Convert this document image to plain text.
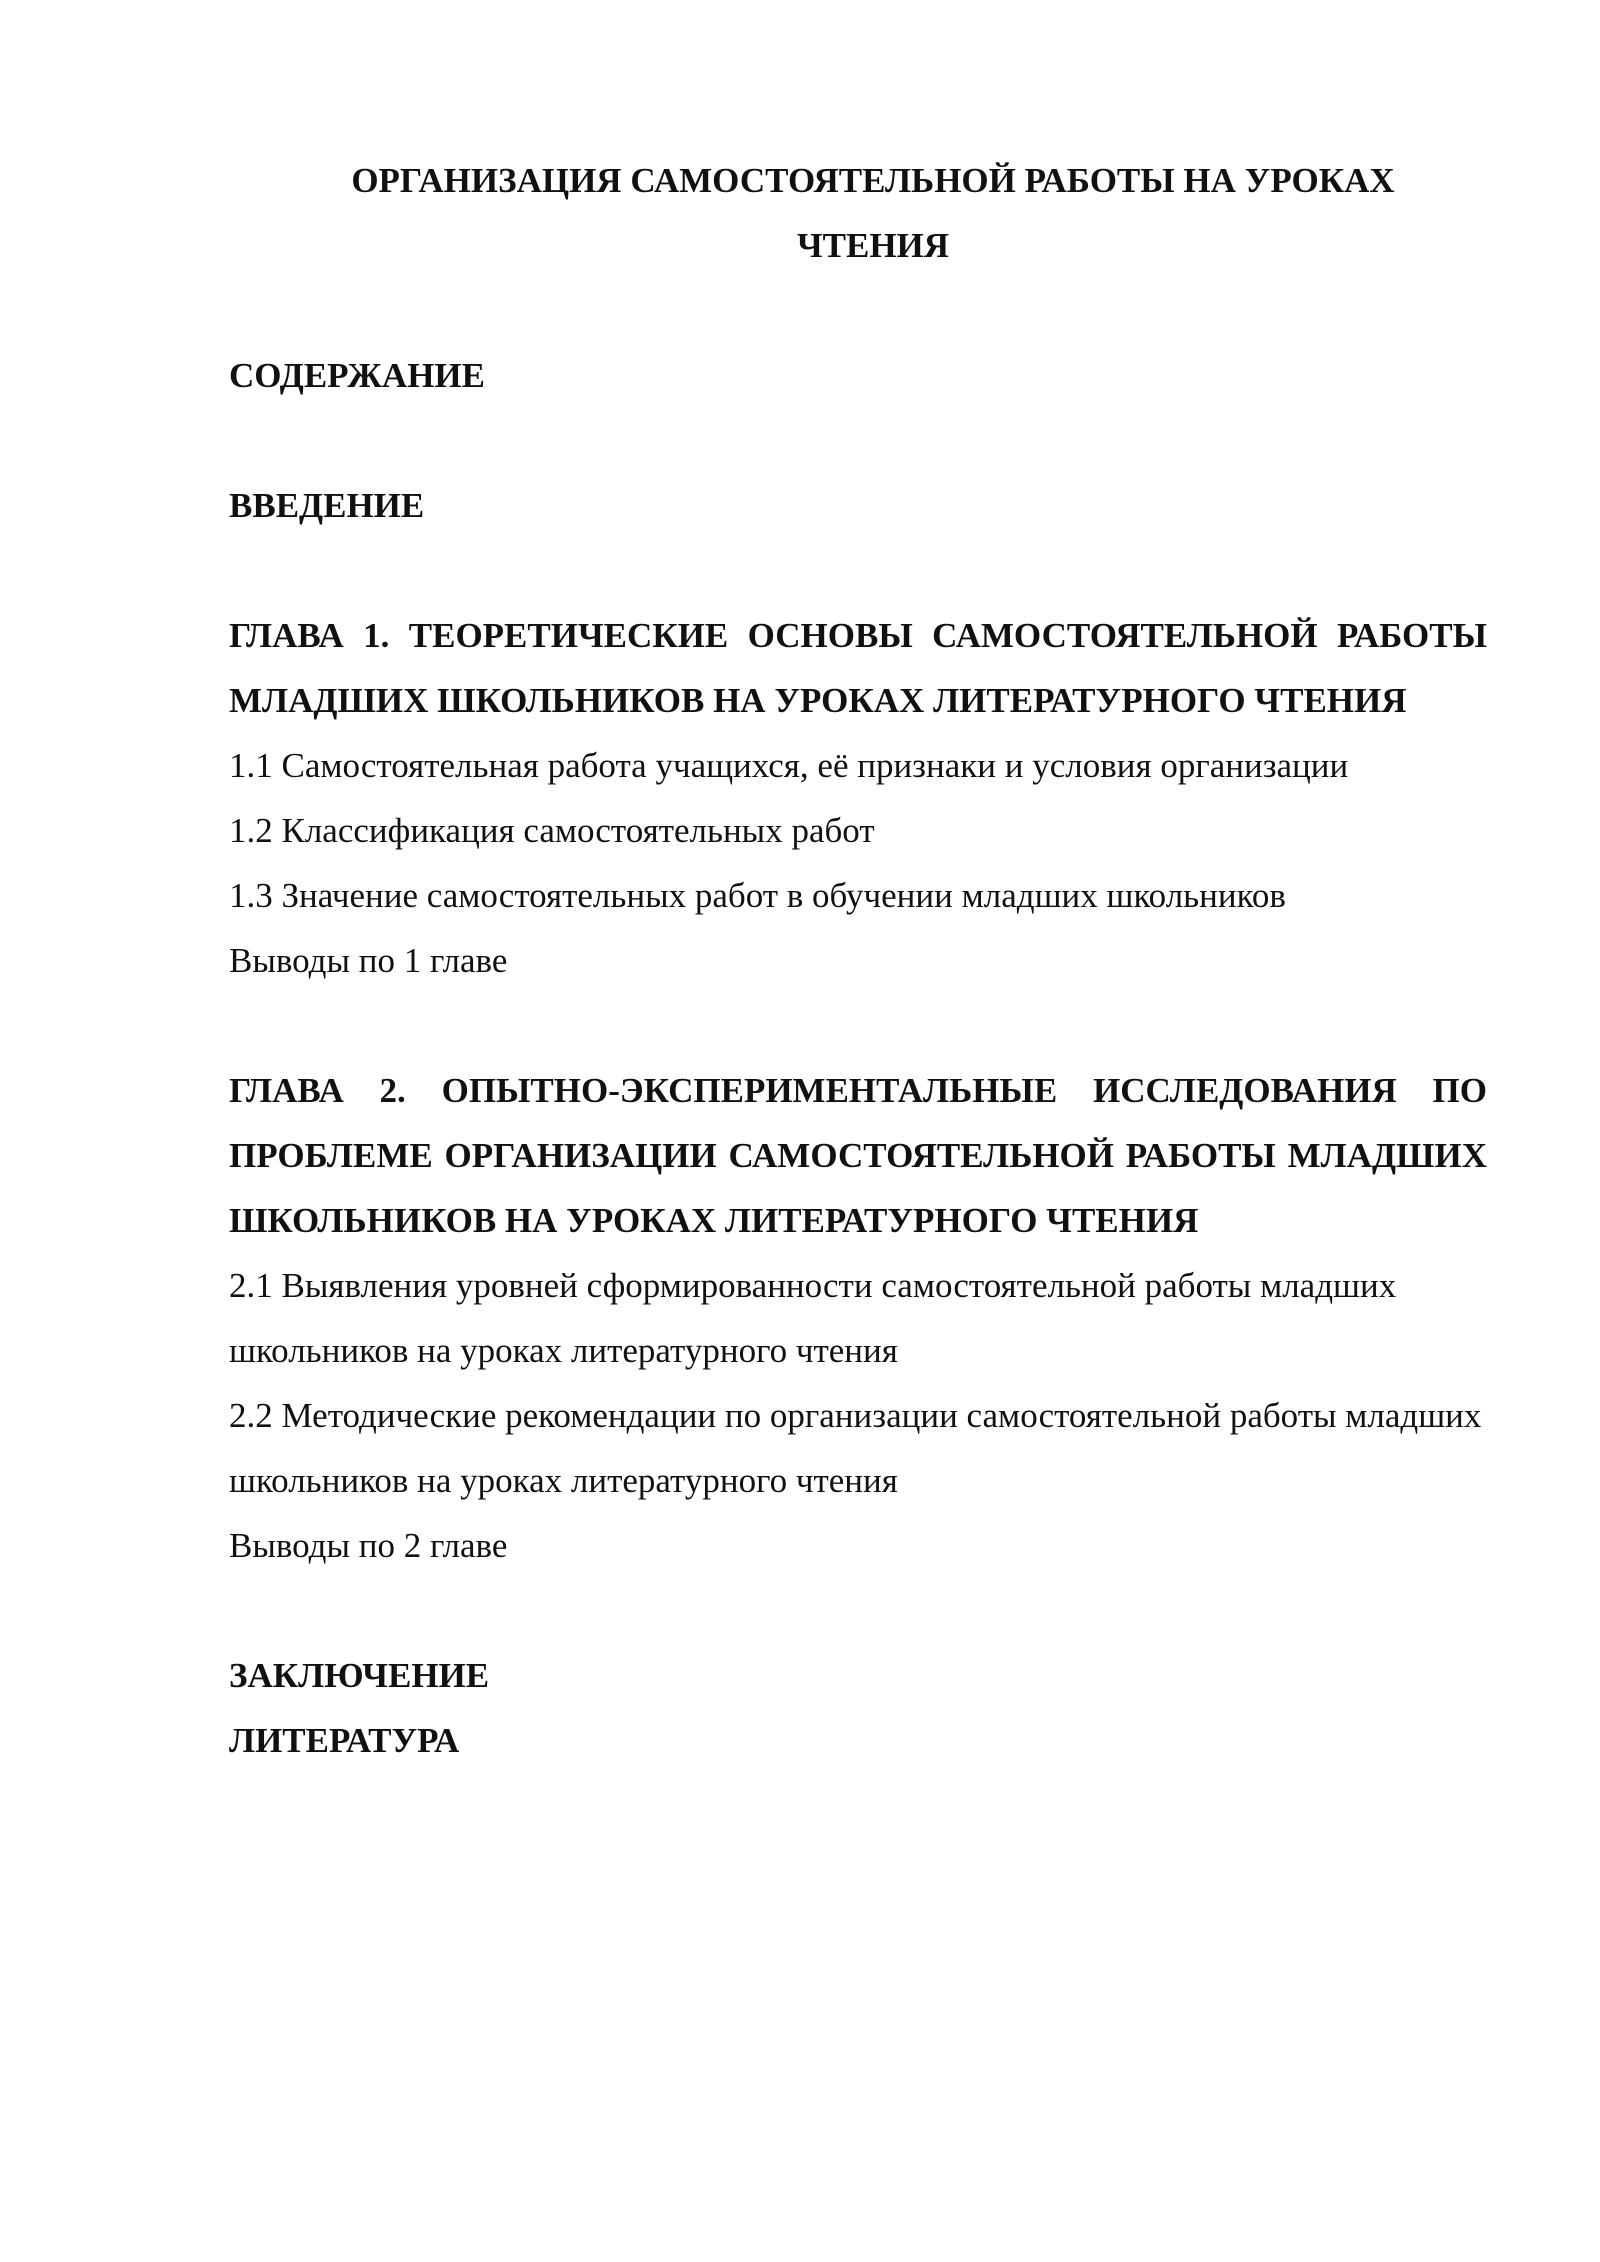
ОРГАНИЗАЦИЯ САМОСТОЯТЕЛЬНОЙ РАБОТЫ НА УРОКАХ
ЧТЕНИЯ

СОДЕРЖАНИЕ

ВВЕДЕНИЕ

ГЛАВА 1. ТЕОРЕТИЧЕСКИЕ ОСНОВЫ САМОСТОЯТЕЛЬНОЙ РАБОТЫ МЛАДШИХ ШКОЛЬНИКОВ НА УРОКАХ ЛИТЕРАТУРНОГО ЧТЕНИЯ

1.1 Самостоятельная работа учащихся, её признаки и условия организации

1.2 Классификация самостоятельных работ

1.3 Значение самостоятельных работ в обучении младших школьников

Выводы по 1 главе

ГЛАВА 2. ОПЫТНО-ЭКСПЕРИМЕНТАЛЬНЫЕ ИССЛЕДОВАНИЯ ПО ПРОБЛЕМЕ ОРГАНИЗАЦИИ САМОСТОЯТЕЛЬНОЙ РАБОТЫ МЛАДШИХ ШКОЛЬНИКОВ НА УРОКАХ ЛИТЕРАТУРНОГО ЧТЕНИЯ

2.1 Выявления уровней сформированности самостоятельной работы младших школьников на уроках литературного чтения

2.2 Методические рекомендации по организации самостоятельной работы младших школьников на уроках литературного чтения

Выводы по 2 главе

ЗАКЛЮЧЕНИЕ

ЛИТЕРАТУРА
